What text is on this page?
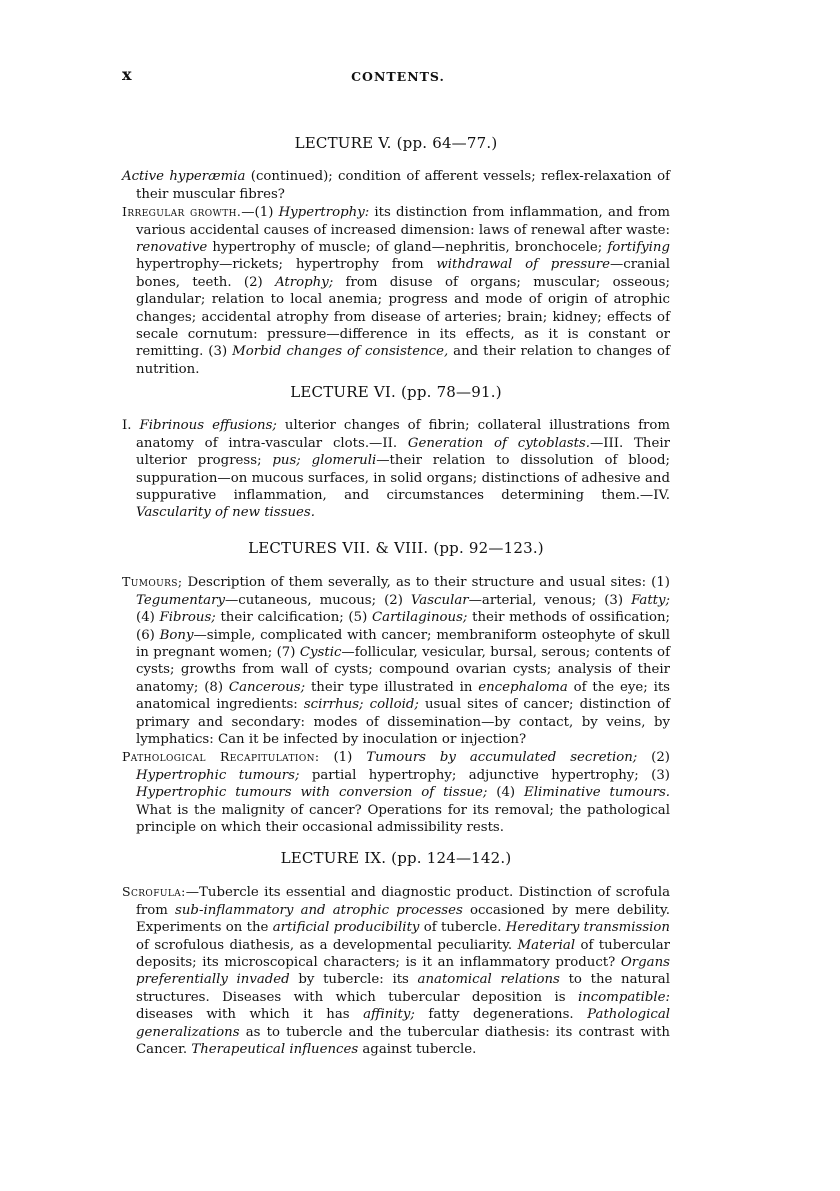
x	CONTENTS.
LECTURE V. (pp. 64—77.)

Active hyperæmia (continued); condition of afferent vessels; reflex-relaxation of their muscular fibres?

Irregular growth.—(1) Hypertrophy: its distinction from inflammation, and from various accidental causes of increased dimension: laws of renewal after waste: renovative hypertrophy of muscle; of gland—nephritis, bronchocele; fortifying hypertrophy—rickets; hypertrophy from withdrawal of pressure—cranial bones, teeth. (2) Atrophy; from disuse of organs; muscular; osseous; glandular; relation to local anemia; progress and mode of origin of atrophic changes; accidental atrophy from disease of arteries; brain; kidney; effects of secale cornutum: pressure—difference in its effects, as it is constant or remitting. (3) Morbid changes of consistence, and their relation to changes of nutrition.

LECTURE VI. (pp. 78—91.)

I. Fibrinous effusions; ulterior changes of fibrin; collateral illustrations from anatomy of intra-vascular clots.—II. Generation of cytoblasts.—III. Their ulterior progress; pus; glomeruli—their relation to dissolution of blood; suppuration—on mucous surfaces, in solid organs; distinctions of adhesive and suppurative inflammation, and circumstances determining them.—IV. Vascularity of new tissues.

LECTURES VII. & VIII. (pp. 92—123.)

Tumours; Description of them severally, as to their structure and usual sites: (1) Tegumentary—cutaneous, mucous; (2) Vascular—arterial, venous; (3) Fatty; (4) Fibrous; their calcification; (5) Cartilaginous; their methods of ossification; (6) Bony—simple, complicated with cancer; membraniform osteophyte of skull in pregnant women; (7) Cystic—follicular, vesicular, bursal, serous; contents of cysts; growths from wall of cysts; compound ovarian cysts; analysis of their anatomy; (8) Cancerous; their type illustrated in encephaloma of the eye; its anatomical ingredients: scirrhus; colloid; usual sites of cancer; distinction of primary and secondary: modes of dissemination—by contact, by veins, by lymphatics: Can it be infected by inoculation or injection?

Pathological Recapitulation: (1) Tumours by accumulated secretion; (2) Hypertrophic tumours; partial hypertrophy; adjunctive hypertrophy; (3) Hypertrophic tumours with conversion of tissue; (4) Eliminative tumours. What is the malignity of cancer? Operations for its removal; the pathological principle on which their occasional admissibility rests.

LECTURE IX. (pp. 124—142.)

Scrofula:—Tubercle its essential and diagnostic product. Distinction of scrofula from sub-inflammatory and atrophic processes occasioned by mere debility. Experiments on the artificial producibility of tubercle. Hereditary transmission of scrofulous diathesis, as a developmental peculiarity. Material of tubercular deposits; its microscopical characters; is it an inflammatory product? Organs preferentially invaded by tubercle: its anatomical relations to the natural structures. Diseases with which tubercular deposition is incompatible: diseases with which it has affinity; fatty degenerations. Pathological generalizations as to tubercle and the tubercular diathesis: its contrast with Cancer. Therapeutical influences against tubercle.
